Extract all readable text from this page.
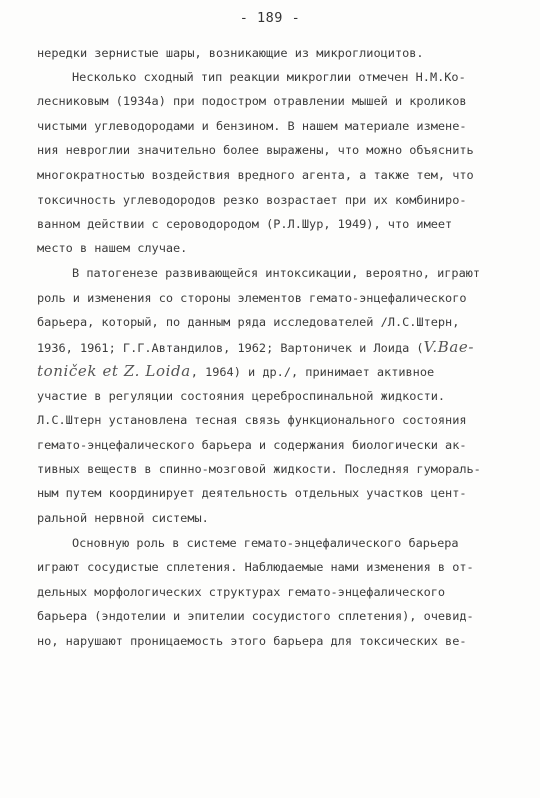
- 189 -
нередки зернистые шары, возникающие из микроглиоцитов.
Несколько сходный тип реакции микроглии отмечен Н.М.Ко-
лесниковым (1934а) при подостром отравлении мышей и кроликов
чистыми углеводородами и бензином. В нашем материале измене-
ния невроглии значительно более выражены, что можно объяснить
многократностью воздействия вредного агента, а также тем, что
токсичность углеводородов резко возрастает при их комбиниро-
ванном действии с сероводородом (Р.Л.Шур, 1949), что имеет
место в нашем случае.
В патогенезе развивающейся интоксикации, вероятно, играют
роль и изменения со стороны элементов гемато-энцефалического
барьера, который, по данным ряда исследователей /Л.С.Штерн,
1936, 1961; Г.Г.Автандилов, 1962; Вартоничек и Лоида (V.Bae-
toniček et Z. Loida, 1964) и др./, принимает активное
участие в регуляции состояния цереброспинальной жидкости.
Л.С.Штерн установлена тесная связь функционального состояния
гемато-энцефалического барьера и содержания биологически ак-
тивных веществ в спинно-мозговой жидкости. Последняя гумораль-
ным путем координирует деятельность отдельных участков цент-
ральной нервной системы.
Основную роль в системе гемато-энцефалического барьера
играют сосудистые сплетения. Наблюдаемые нами изменения в от-
дельных морфологических структурах гемато-энцефалического
барьера (эндотелии и эпителии сосудистого сплетения), очевид-
но, нарушают проницаемость этого барьера для токсических ве-
